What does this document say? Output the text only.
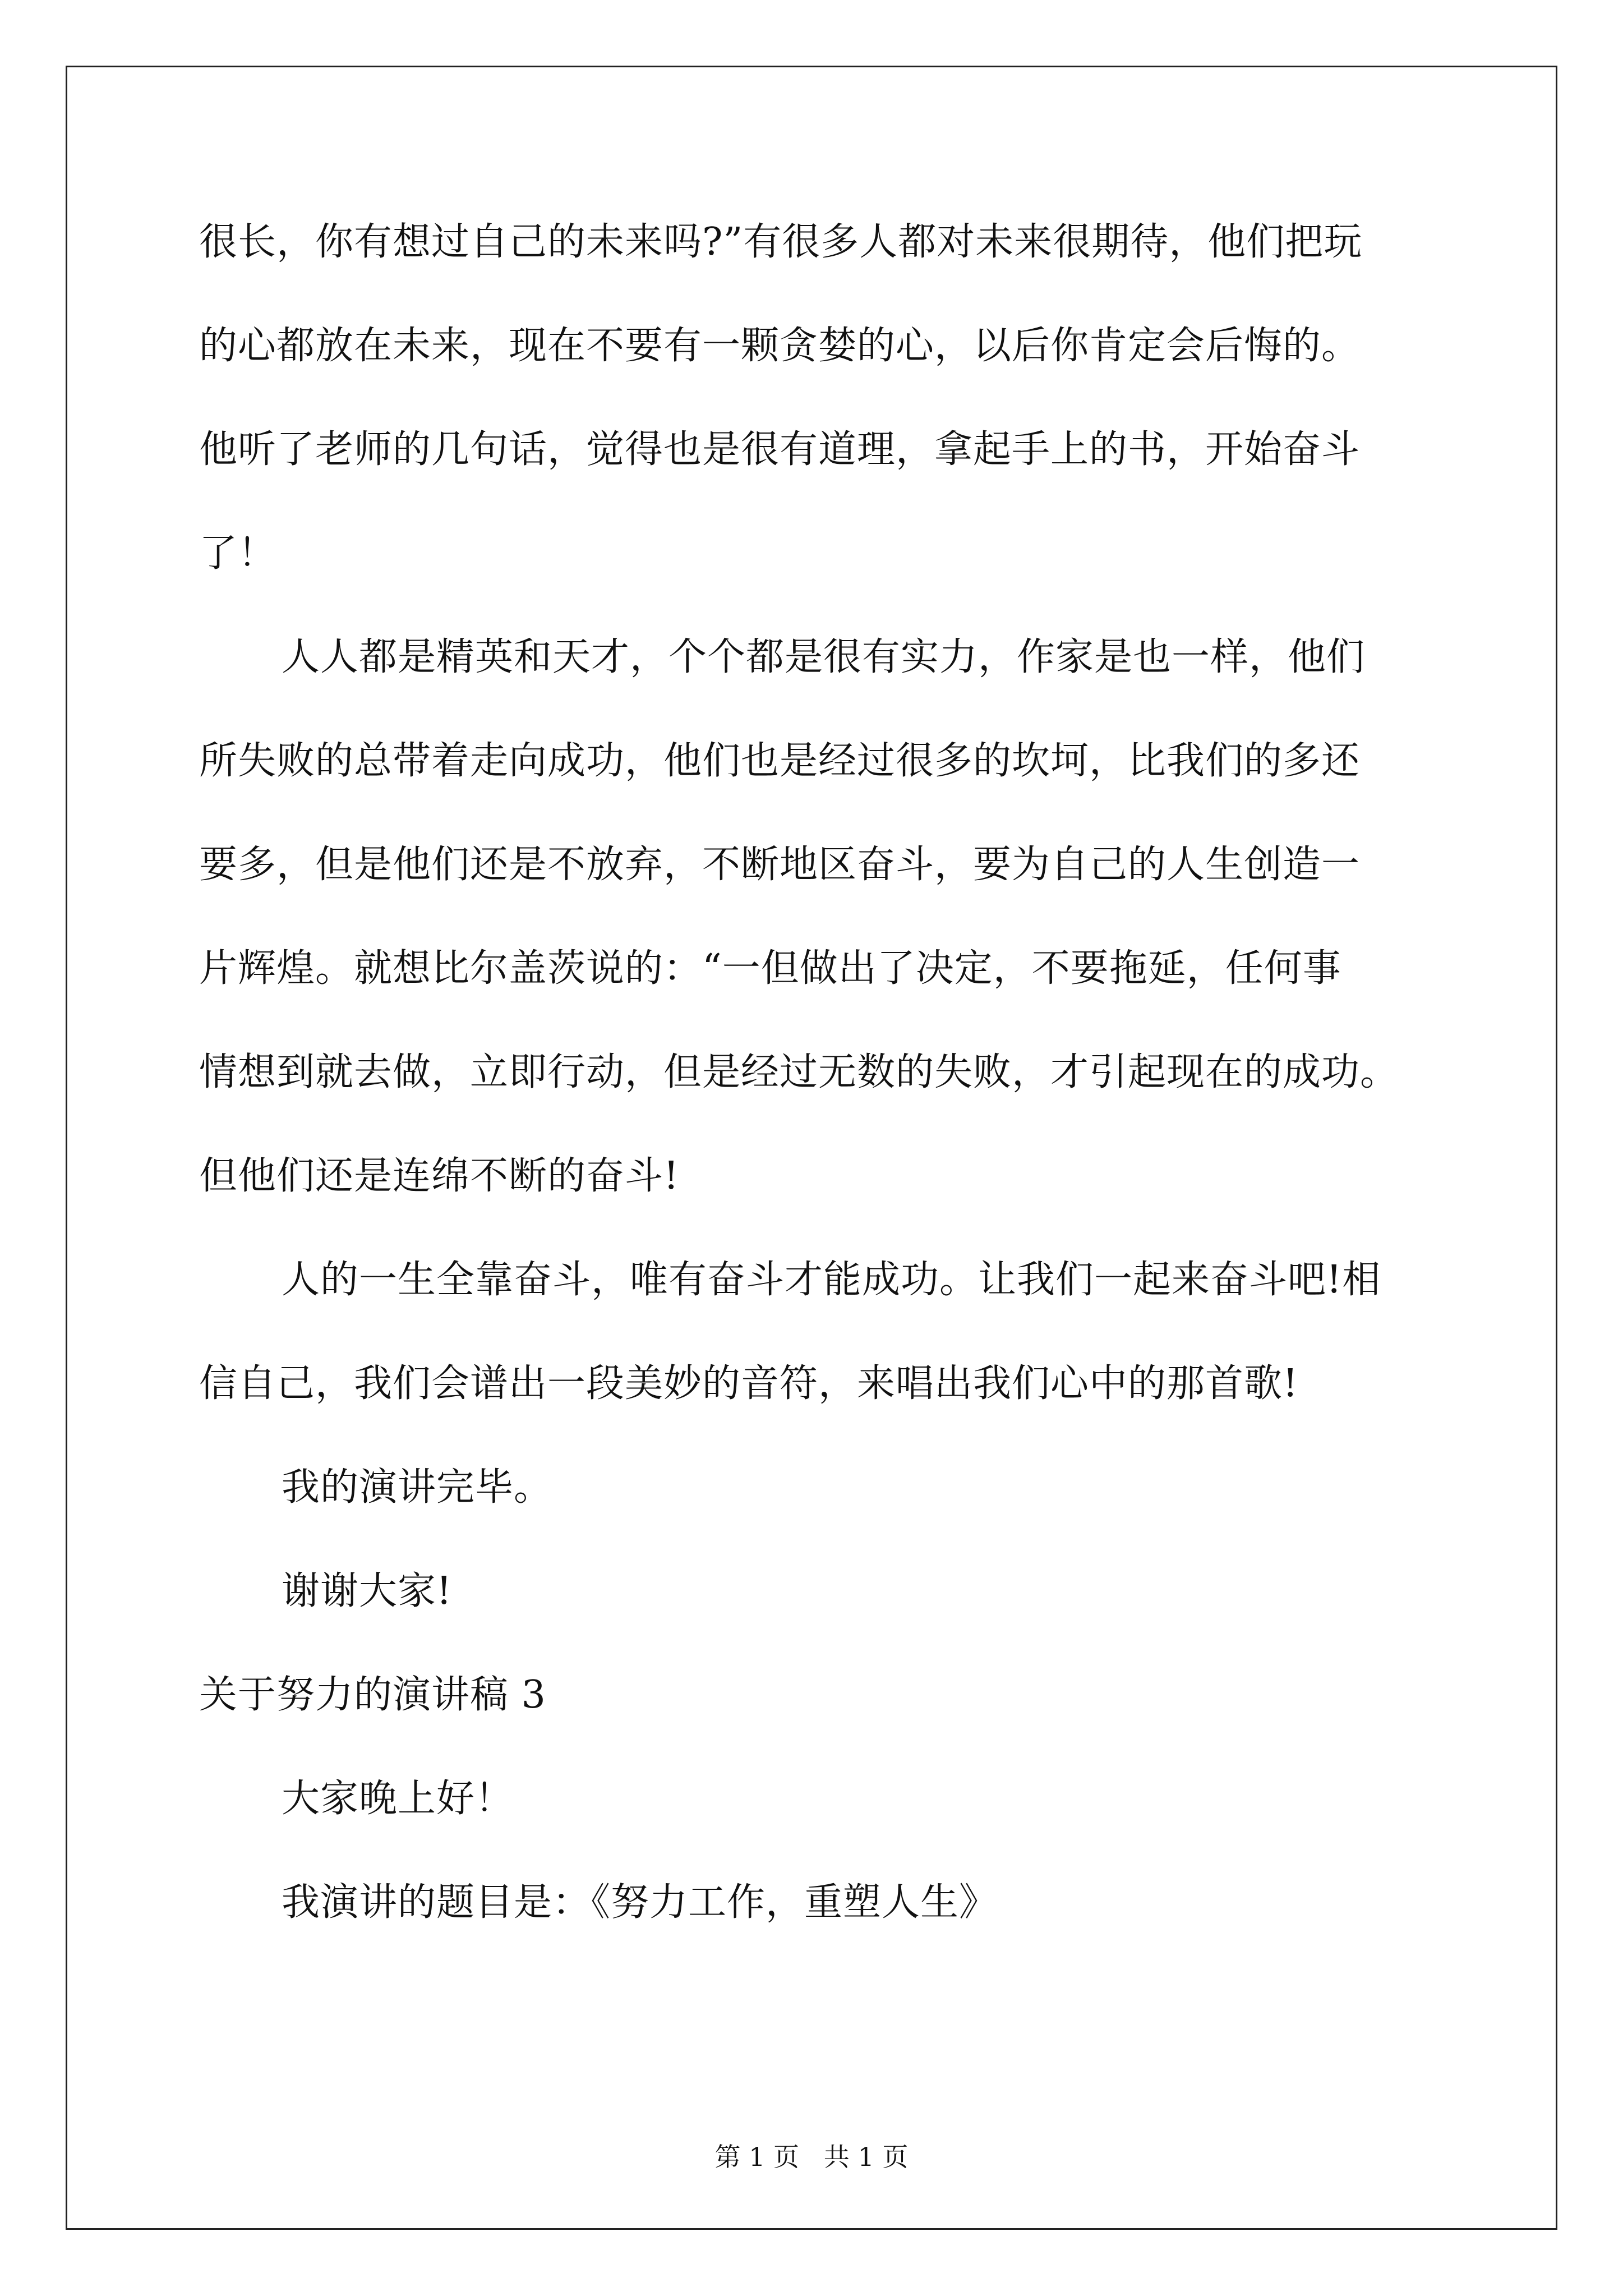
很长，你有想过自己的未来吗?”有很多人都对未来很期待，他们把玩
的心都放在未来，现在不要有一颗贪婪的心，以后你肯定会后悔的。
他听了老师的几句话，觉得也是很有道理，拿起手上的书，开始奋斗
了！
人人都是精英和天才，个个都是很有实力，作家是也一样，他们
所失败的总带着走向成功，他们也是经过很多的坎坷，比我们的多还
要多，但是他们还是不放弃，不断地区奋斗，要为自己的人生创造一
片辉煌。就想比尔盖茨说的：“一但做出了决定，不要拖延，任何事
情想到就去做，立即行动，但是经过无数的失败，才引起现在的成功。
但他们还是连绵不断的奋斗!
人的一生全靠奋斗，唯有奋斗才能成功。让我们一起来奋斗吧!相
信自己，我们会谱出一段美妙的音符，来唱出我们心中的那首歌!
我的演讲完毕。
谢谢大家!
关于努力的演讲稿 3
大家晚上好！
我演讲的题目是：《努力工作，重塑人生》
第 1 页   共 1 页
